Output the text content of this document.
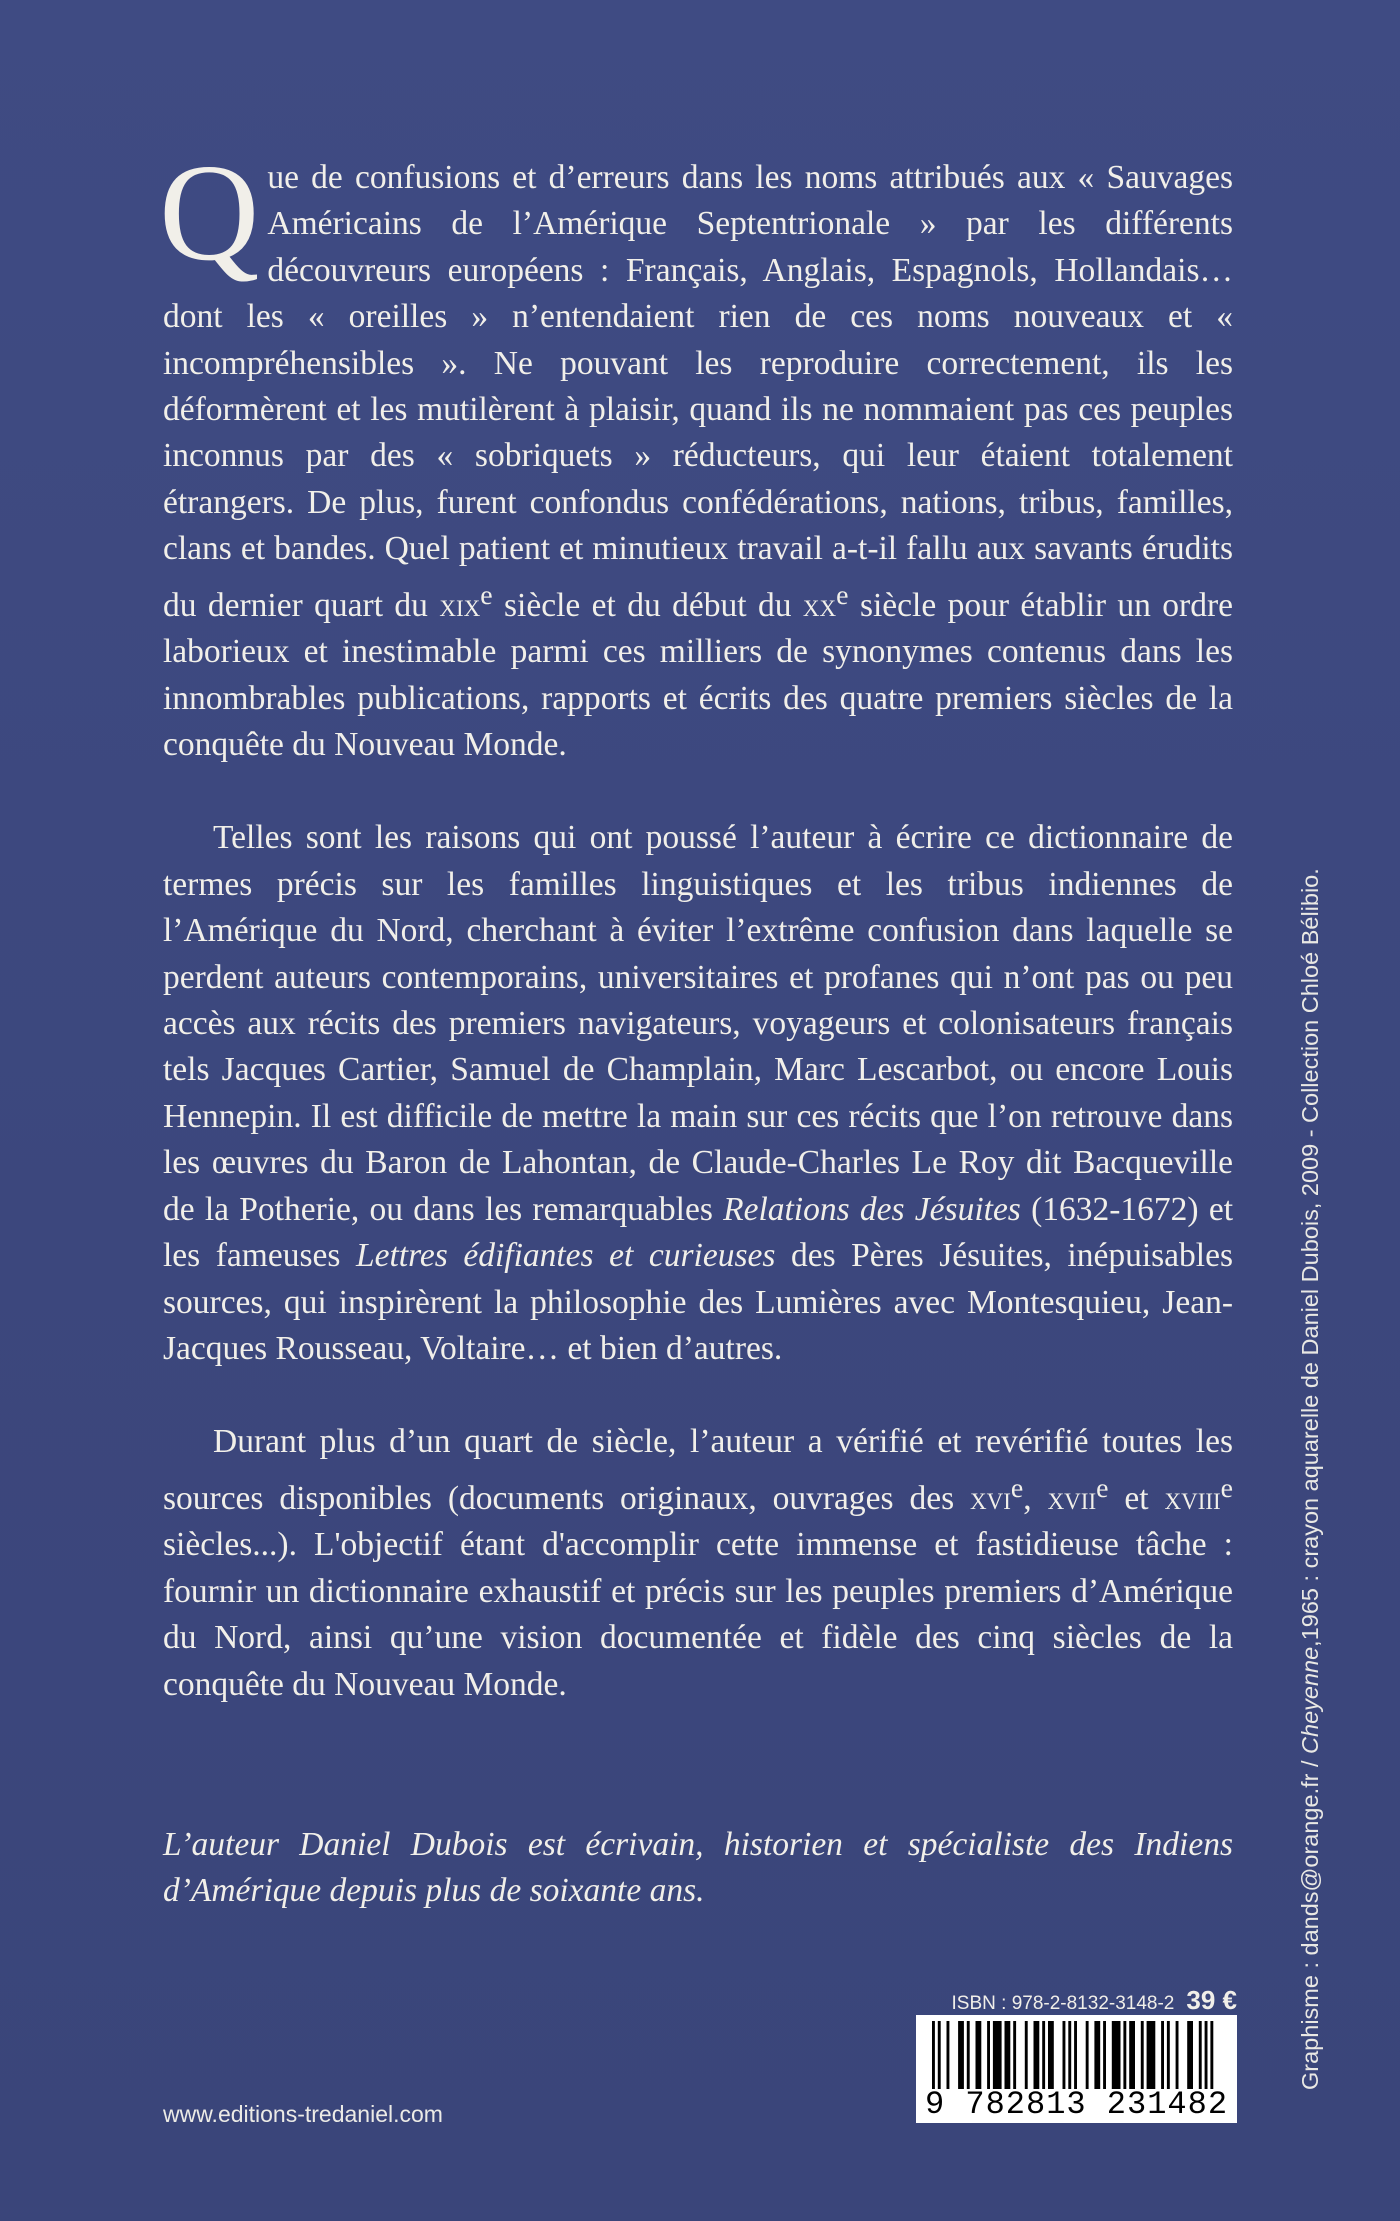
Que de confusions et d’erreurs dans les noms attribués aux « Sauvages Américains de l’Amérique Septentrionale » par les différents découvreurs européens : Français, Anglais, Espagnols, Hollandais… dont les « oreilles » n’entendaient rien de ces noms nouveaux et « incompréhensibles ». Ne pouvant les reproduire correctement, ils les déformèrent et les mutilèrent à plaisir, quand ils ne nommaient pas ces peuples inconnus par des « sobriquets » réducteurs, qui leur étaient totalement étrangers. De plus, furent confondus confédérations, nations, tribus, familles, clans et bandes. Quel patient et minutieux travail a-t-il fallu aux savants érudits du dernier quart du xix$^e$ siècle et du début du $xx^e$ siècle pour établir un ordre laborieux et inestimable parmi ces milliers de synonymes contenus dans les innombrables publications, rapports et écrits des quatre premiers siècles de la conquête du Nouveau Monde.

Telles sont les raisons qui ont poussé l’auteur à écrire ce dictionnaire de termes précis sur les familles linguistiques et les tribus indiennes de l’Amérique du Nord, cherchant à éviter l’extrême confusion dans laquelle se perdent auteurs contemporains, universitaires et profanes qui n’ont pas ou peu accès aux récits des premiers navigateurs, voyageurs et colonisateurs français tels Jacques Cartier, Samuel de Champlain, Marc Lescarbot, ou encore Louis Hennepin. Il est difficile de mettre la main sur ces récits que l’on retrouve dans les œuvres du Baron de Lahontan, de Claude-Charles Le Roy dit Bacqueville de la Potherie, ou dans les remarquables Relations des Jésuites (1632-1672) et les fameuses Lettres édifiantes et curieuses des Pères Jésuites, inépuisables sources, qui inspirèrent la philosophie des Lumières avec Montesquieu, Jean-Jacques Rousseau, Voltaire… et bien d’autres.

Durant plus d’un quart de siècle, l’auteur a vérifié et revérifié toutes les sources disponibles (documents originaux, ouvrages des xvi$^e$, xvii$^e$ et xviii$^e$ siècles...). L'objectif étant d'accomplir cette immense et fastidieuse tâche : fournir un dictionnaire exhaustif et précis sur les peuples premiers d’Amérique du Nord, ainsi qu’une vision documentée et fidèle des cinq siècles de la conquête du Nouveau Monde.

L’auteur Daniel Dubois est écrivain, historien et spécialiste des Indiens d’Amérique depuis plus de soixante ans.	Graphisme : dands@orange.fr / Cheyenne,1965 : crayon aquarelle de Daniel Dubois, 2009 - Collection Chloé Bélibio.
www.editions-tredaniel.com
ISBN : 978-2-8132-3148-2 39 €
9 782813 231482
